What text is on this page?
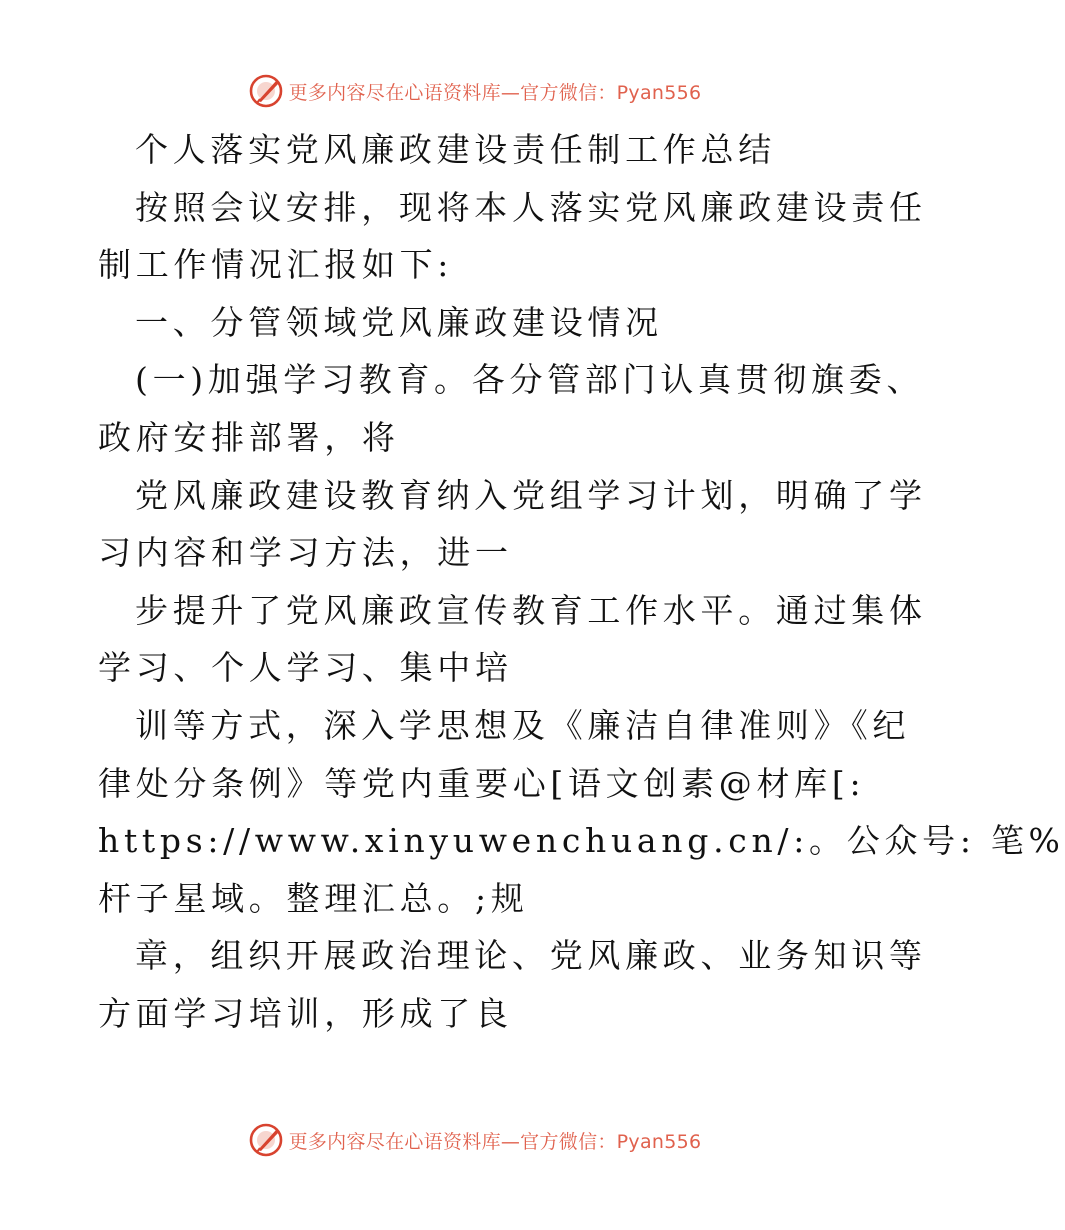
更多内容尽在心语资料库—官方微信：Pyan556
个人落实党风廉政建设责任制工作总结
按照会议安排，现将本人落实党风廉政建设责任
制工作情况汇报如下:
一、分管领域党风廉政建设情况
(一)加强学习教育。各分管部门认真贯彻旗委、
政府安排部署，将
党风廉政建设教育纳入党组学习计划，明确了学
习内容和学习方法，进一
步提升了党风廉政宣传教育工作水平。通过集体
学习、个人学习、集中培
训等方式，深入学思想及《廉洁自律准则》《纪
律处分条例》等党内重要心[语文创素@材库[:
https://www.xinyuwenchuang.cn/:。公众号: 笔%
杆子星域。整理汇总。;规
章，组织开展政治理论、党风廉政、业务知识等
方面学习培训，形成了良
更多内容尽在心语资料库—官方微信：Pyan556
